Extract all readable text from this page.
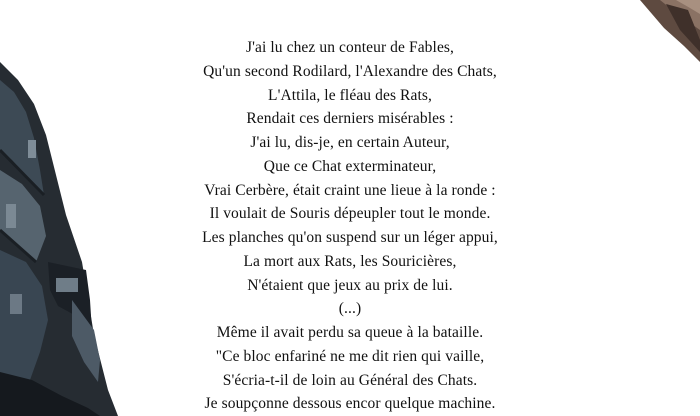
J'ai lu chez un conteur de Fables,
Qu'un second Rodilard, l'Alexandre des Chats,
L'Attila, le fléau des Rats,
Rendait ces derniers misérables :
J'ai lu, dis-je, en certain Auteur,
Que ce Chat exterminateur,
Vrai Cerbère, était craint une lieue à la ronde :
Il voulait de Souris dépeupler tout le monde.
Les planches qu'on suspend sur un léger appui,
La mort aux Rats, les Souricières,
N'étaient que jeux au prix de lui.
(...)
Même il avait perdu sa queue à la bataille.
"Ce bloc enfariné ne me dit rien qui vaille,
S'écria-t-il de loin au Général des Chats.
Je soupçonne dessous encor quelque machine.
